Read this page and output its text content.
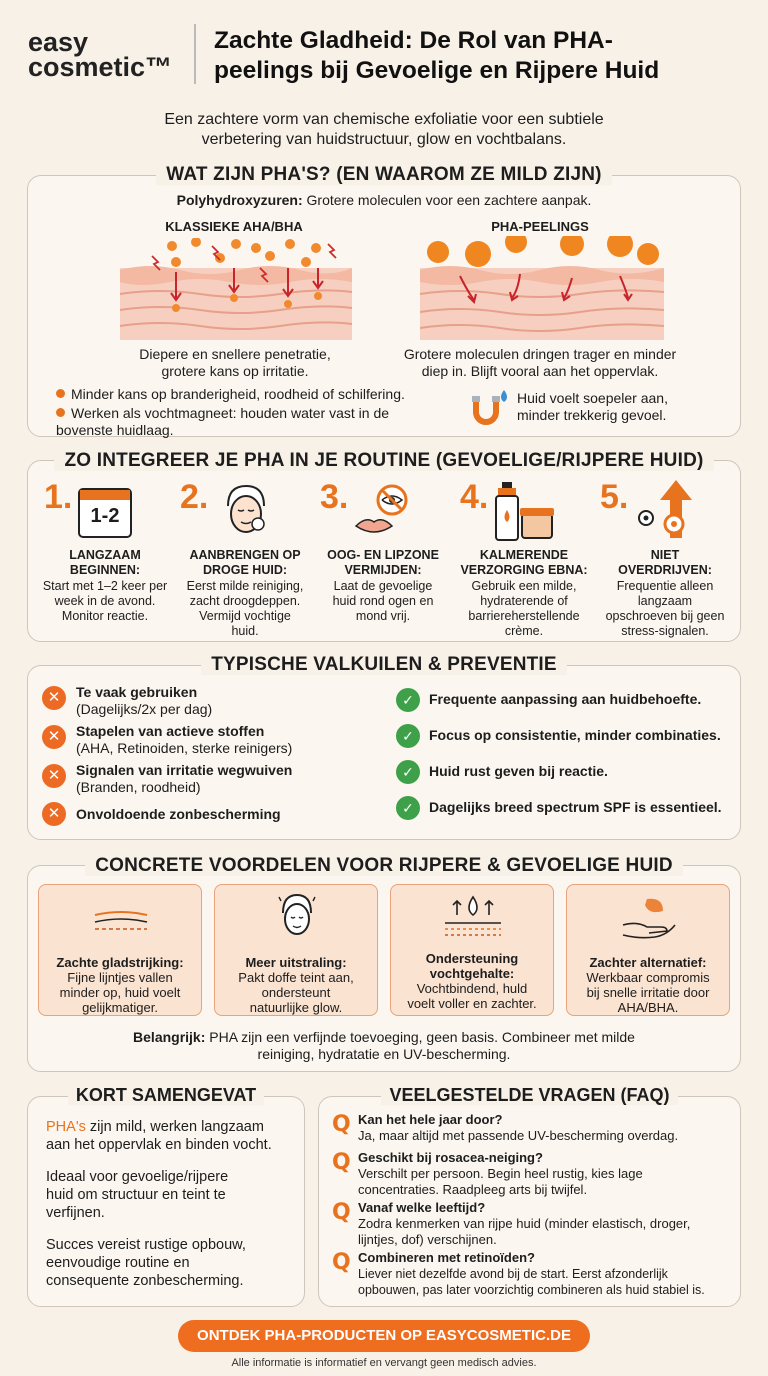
easy
cosmetic™
Zachte Gladheid: De Rol van PHA-
peelings bij Gevoelige en Rijpere Huid
Een zachtere vorm van chemische exfoliatie voor een subtiele
verbetering van huidstructuur, glow en vochtbalans.
WAT ZIJN PHA'S? (EN WAAROM ZE MILD ZIJN)
Polyhydroxyzuren: Grotere moleculen voor een zachtere aanpak.
KLASSIEKE AHA/BHA	PHA-PEELINGS
Diepere en snellere penetratie,
grotere kans op irritatie.
Grotere moleculen dringen trager en minder
diep in. Blijft vooral aan het oppervlak.
Minder kans op branderigheid, roodheid of schilfering.
Werken als vochtmagneet: houden water vast in de
bovenste huidlaag.
Huid voelt soepeler aan,
minder trekkerig gevoel.
ZO INTEGREER JE PHA IN JE ROUTINE (GEVOELIGE/RIJPERE HUID)
1.	2.	3.	4.	5.
1-2
LANGZAAM
BEGINNEN:
Start met 1–2 keer per
week in de avond.
Monitor reactie.
AANBRENGEN OP
DROGE HUID:
Eerst milde reiniging,
zacht droogdeppen.
Vermijd vochtige
huid.
OOG- EN LIPZONE
VERMIJDEN:
Laat de gevoelige
huid rond ogen en
mond vrij.
KALMERENDE
VERZORGING EBNA:
Gebruik een milde,
hydraterende of
barriereherstellende
crème.
NIET
OVERDRIJVEN:
Frequentie alleen
langzaam
opschroeven bij geen
stress-signalen.
TYPISCHE VALKUILEN & PREVENTIE
✕	Te vaak gebruiken
(Dagelijks/2x per dag)
✕	Stapelen van actieve stoffen
(AHA, Retinoiden, sterke reinigers)
✕	Signalen van irritatie wegwuiven
(Branden, roodheid)
✕	Onvoldoende zonbescherming
✓	Frequente aanpassing aan huidbehoefte.
✓	Focus op consistentie, minder combinaties.
✓	Huid rust geven bij reactie.
✓	Dagelijks breed spectrum SPF is essentieel.
CONCRETE VOORDELEN VOOR RIJPERE & GEVOELIGE HUID
Zachte gladstrijking:
Fijne lijntjes vallen
minder op, huid voelt
gelijkmatiger.
Meer uitstraling:
Pakt doffe teint aan,
ondersteunt
natuurlijke glow.
Ondersteuning vochtgehalte:
Vochtbindend, huld
voelt voller en zachter.
Zachter alternatief:
Werkbaar compromis
bij snelle irritatie door
AHA/BHA.
Belangrijk: PHA zijn een verfijnde toevoeging, geen basis. Combineer met milde
reiniging, hydratatie en UV-bescherming.
KORT SAMENGEVAT
PHA's zijn mild, werken langzaam
aan het oppervlak en binden vocht.
Ideaal voor gevoelige/rijpere
huid om structuur en teint te
verfijnen.
Succes vereist rustige opbouw,
eenvoudige routine en
consequente zonbescherming.
VEELGESTELDE VRAGEN (FAQ)
Q Kan het hele jaar door?
Ja, maar altijd met passende UV-bescherming overdag.
Q Geschikt bij rosacea-neiging?
Verschilt per persoon. Begin heel rustig, kies lage
concentraties. Raadpleeg arts bij twijfel.
Q Vanaf welke leeftijd?
Zodra kenmerken van rijpe huid (minder elastisch, droger,
lijntjes, dof) verschijnen.
Q Combineren met retinoïden?
Liever niet dezelfde avond bij de start. Eerst afzonderlijk
opbouwen, pas later voorzichtig combineren als huid stabiel is.
ONTDEK PHA-PRODUCTEN OP EASYCOSMETIC.DE
Alle informatie is informatief en vervangt geen medisch advies.
